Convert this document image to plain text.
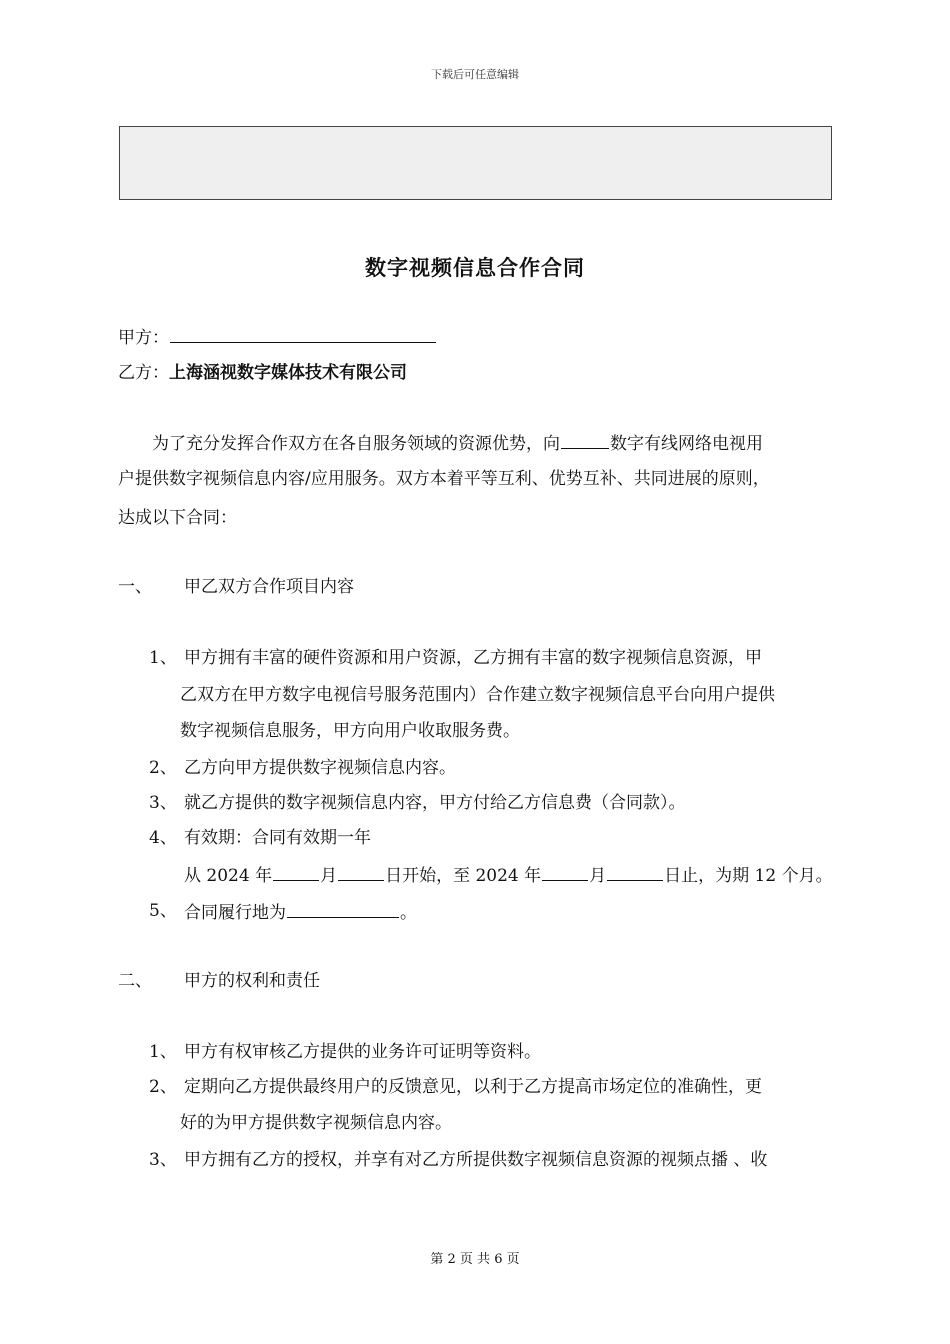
下载后可任意编辑
数字视频信息合作合同
甲方：
乙方：上海涵视数字媒体技术有限公司
为了充分发挥合作双方在各自服务领域的资源优势，向	数字有线网络电视用
户提供数字视频信息内容/应用服务。双方本着平等互利、优势互补、共同进展的原则，
达成以下合同：
一、 甲乙双方合作项目内容
1、 甲方拥有丰富的硬件资源和用户资源，乙方拥有丰富的数字视频信息资源，甲
乙双方在甲方数字电视信号服务范围内）合作建立数字视频信息平台向用户提供
数字视频信息服务，甲方向用户收取服务费。
2、 乙方向甲方提供数字视频信息内容。
3、 就乙方提供的数字视频信息内容，甲方付给乙方信息费（合同款）。
4、 有效期：合同有效期一年
从 2024 年	月	日开始，至 2024 年	月	日止，为期 12 个月。
5、 合同履行地为	。
二、 甲方的权利和责任
1、 甲方有权审核乙方提供的业务许可证明等资料。
2、 定期向乙方提供最终用户的反馈意见，以利于乙方提高市场定位的准确性，更
好的为甲方提供数字视频信息内容。
3、 甲方拥有乙方的授权，并享有对乙方所提供数字视频信息资源的视频点播 、收
第 2 页 共 6 页
